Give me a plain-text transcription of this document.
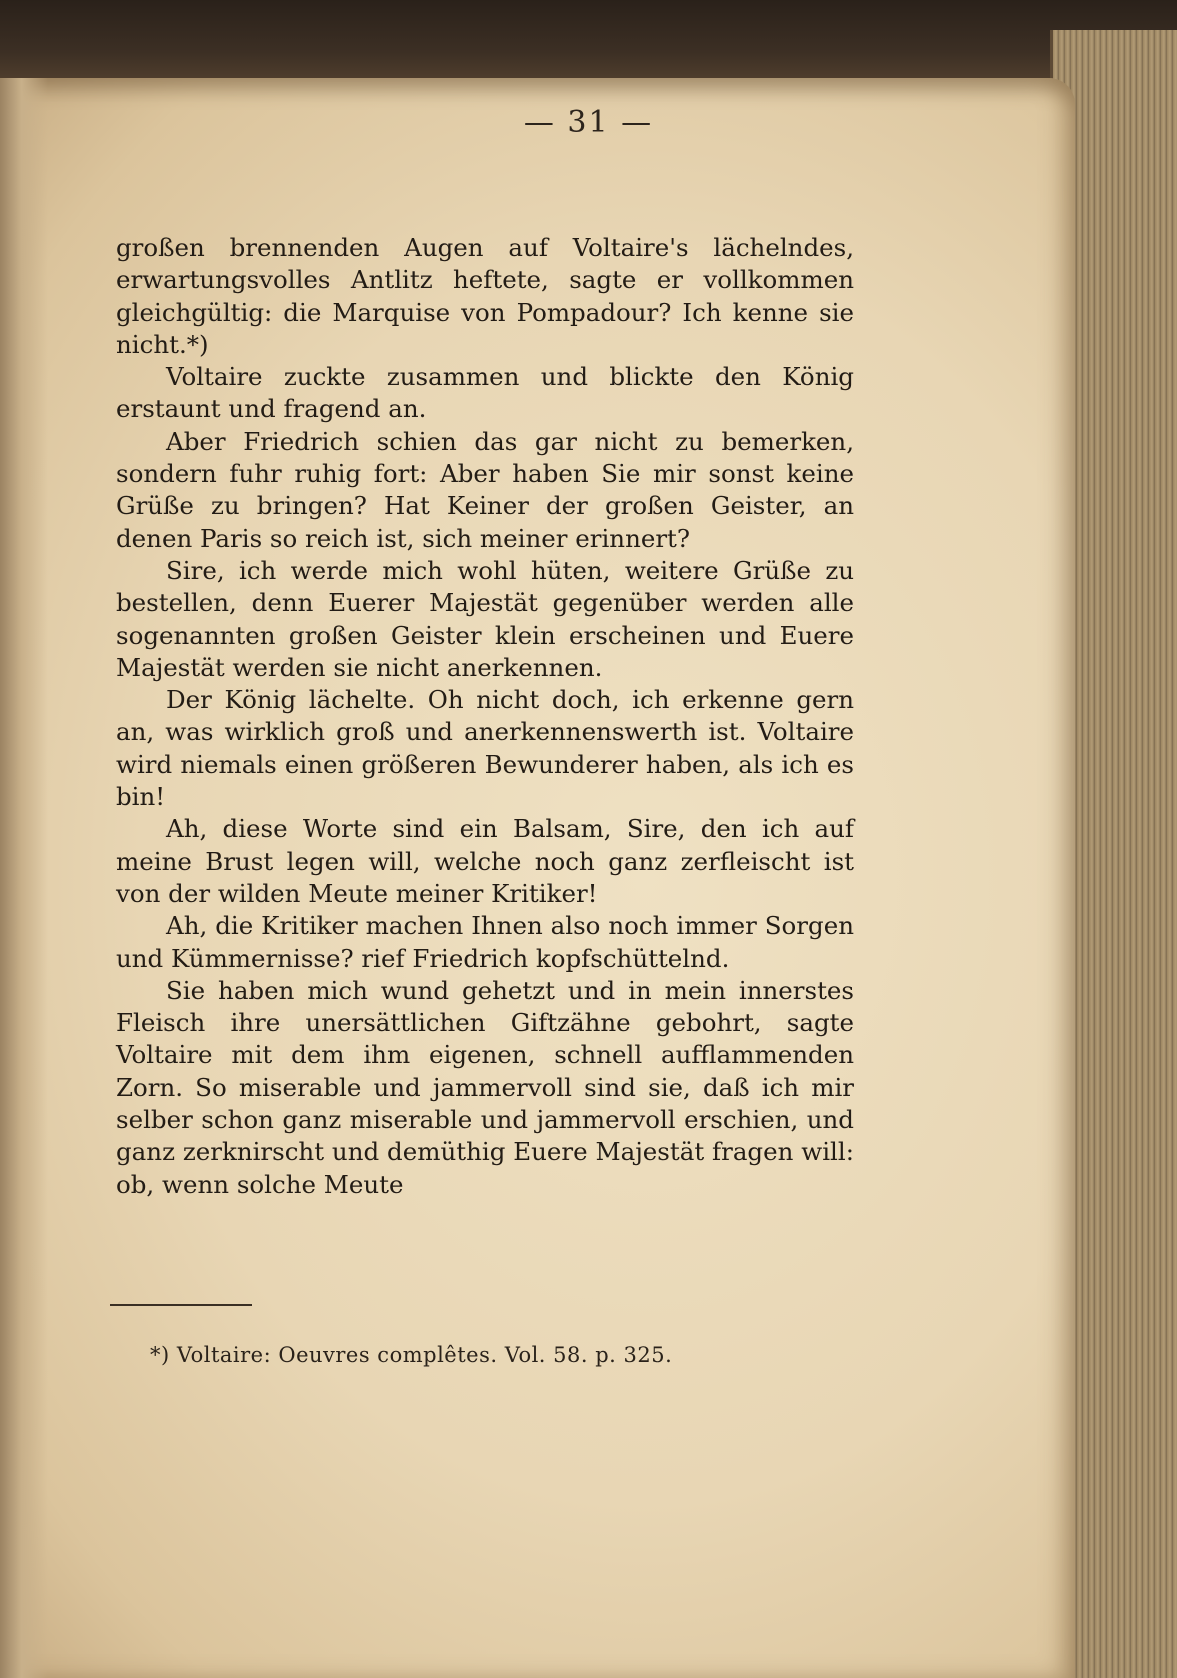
— 31 —

großen brennenden Augen auf Voltaire's lächelndes, erwartungsvolles Antlitz heftete, sagte er vollkommen gleichgültig: die Marquise von Pompadour? Ich kenne sie nicht.*)

Voltaire zuckte zusammen und blickte den König erstaunt und fragend an.

Aber Friedrich schien das gar nicht zu bemerken, sondern fuhr ruhig fort: Aber haben Sie mir sonst keine Grüße zu bringen? Hat Keiner der großen Geister, an denen Paris so reich ist, sich meiner erinnert?

Sire, ich werde mich wohl hüten, weitere Grüße zu bestellen, denn Euerer Majestät gegenüber werden alle sogenannten großen Geister klein erscheinen und Euere Majestät werden sie nicht anerkennen.

Der König lächelte. Oh nicht doch, ich erkenne gern an, was wirklich groß und anerkennenswerth ist. Voltaire wird niemals einen größeren Bewunderer haben, als ich es bin!

Ah, diese Worte sind ein Balsam, Sire, den ich auf meine Brust legen will, welche noch ganz zerfleischt ist von der wilden Meute meiner Kritiker!

Ah, die Kritiker machen Ihnen also noch immer Sorgen und Kümmernisse? rief Friedrich kopfschüttelnd.

Sie haben mich wund gehetzt und in mein innerstes Fleisch ihre unersättlichen Giftzähne gebohrt, sagte Voltaire mit dem ihm eigenen, schnell aufflammenden Zorn. So miserable und jammervoll sind sie, daß ich mir selber schon ganz miserable und jammervoll erschien, und ganz zerknirscht und demüthig Euere Majestät fragen will: ob, wenn solche Meute

*) Voltaire: Oeuvres complêtes. Vol. 58. p. 325.
